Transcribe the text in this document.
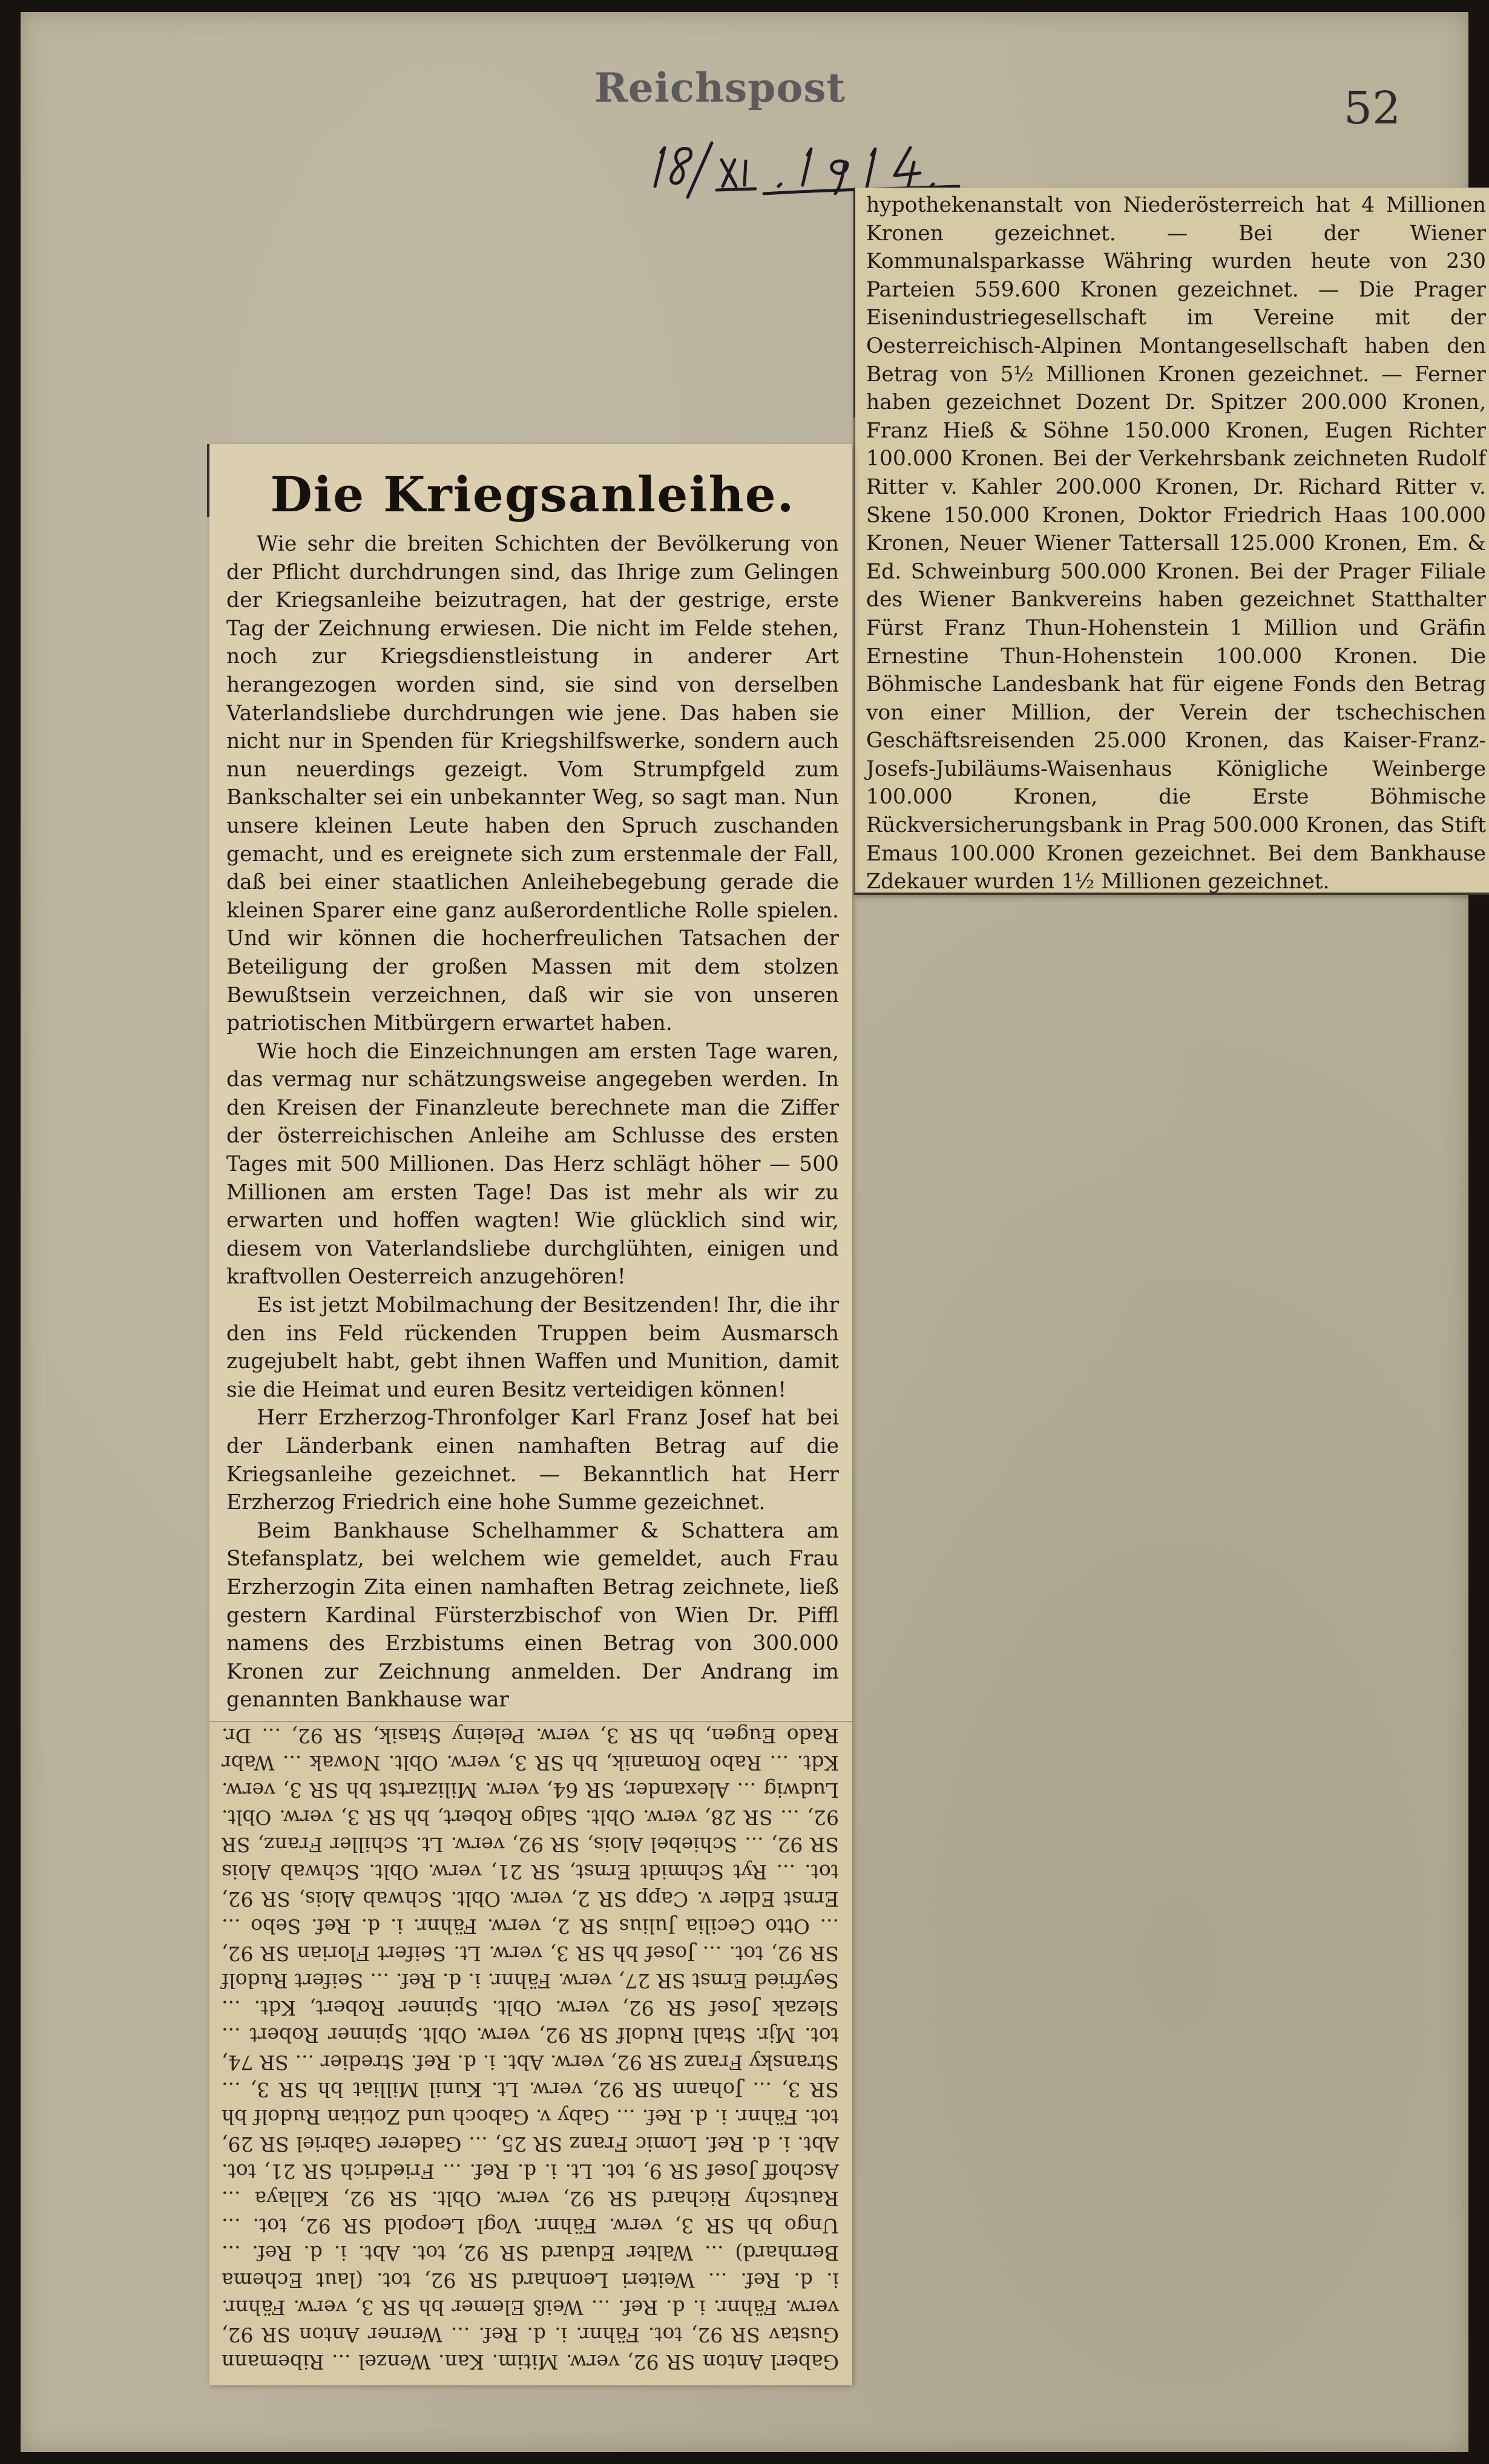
Reichspost	52

hypothekenanstalt von Niederösterreich hat 4 Millionen Kronen gezeichnet. — Bei der Wiener Kommunalsparkasse Währing wurden heute von 230 Parteien 559.600 Kronen gezeichnet. — Die Prager Eisenindustriegesellschaft im Vereine mit der Oesterreichisch-Alpinen Montangesellschaft haben den Betrag von 5½ Millionen Kronen gezeichnet. — Ferner haben gezeichnet Dozent Dr. Spitzer 200.000 Kronen, Franz Hieß & Söhne 150.000 Kronen, Eugen Richter 100.000 Kronen. Bei der Verkehrsbank zeichneten Rudolf Ritter v. Kahler 200.000 Kronen, Dr. Richard Ritter v. Skene 150.000 Kronen, Doktor Friedrich Haas 100.000 Kronen, Neuer Wiener Tattersall 125.000 Kronen, Em. & Ed. Schweinburg 500.000 Kronen. Bei der Prager Filiale des Wiener Bankvereins haben gezeichnet Statthalter Fürst Franz Thun-Hohenstein 1 Million und Gräfin Ernestine Thun-Hohenstein 100.000 Kronen. Die Böhmische Landesbank hat für eigene Fonds den Betrag von einer Million, der Verein der tschechischen Geschäftsreisenden 25.000 Kronen, das Kaiser-Franz-Josefs-Jubiläums-Waisenhaus Königliche Weinberge 100.000 Kronen, die Erste Böhmische Rückversicherungsbank in Prag 500.000 Kronen, das Stift Emaus 100.000 Kronen gezeichnet. Bei dem Bankhause Zdekauer wurden 1½ Millionen gezeichnet.

Die Kriegsanleihe.

Wie sehr die breiten Schichten der Bevölkerung von der Pflicht durchdrungen sind, das Ihrige zum Gelingen der Kriegsanleihe beizutragen, hat der gestrige, erste Tag der Zeichnung erwiesen. Die nicht im Felde stehen, noch zur Kriegsdienstleistung in anderer Art herangezogen worden sind, sie sind von derselben Vaterlandsliebe durchdrungen wie jene. Das haben sie nicht nur in Spenden für Kriegshilfswerke, sondern auch nun neuerdings gezeigt. Vom Strumpfgeld zum Bankschalter sei ein unbekannter Weg, so sagt man. Nun unsere kleinen Leute haben den Spruch zuschanden gemacht, und es ereignete sich zum erstenmale der Fall, daß bei einer staatlichen Anleihebegebung gerade die kleinen Sparer eine ganz außerordentliche Rolle spielen. Und wir können die hocherfreulichen Tatsachen der Beteiligung der großen Massen mit dem stolzen Bewußtsein verzeichnen, daß wir sie von unseren patriotischen Mitbürgern erwartet haben.

Wie hoch die Einzeichnungen am ersten Tage waren, das vermag nur schätzungsweise angegeben werden. In den Kreisen der Finanzleute berechnete man die Ziffer der österreichischen Anleihe am Schlusse des ersten Tages mit 500 Millionen. Das Herz schlägt höher — 500 Millionen am ersten Tage! Das ist mehr als wir zu erwarten und hoffen wagten! Wie glücklich sind wir, diesem von Vaterlandsliebe durchglühten, einigen und kraftvollen Oesterreich anzugehören!

Es ist jetzt Mobilmachung der Besitzenden! Ihr, die ihr den ins Feld rückenden Truppen beim Ausmarsch zugejubelt habt, gebt ihnen Waffen und Munition, damit sie die Heimat und euren Besitz verteidigen können!

Herr Erzherzog-Thronfolger Karl Franz Josef hat bei der Länderbank einen namhaften Betrag auf die Kriegsanleihe gezeichnet. — Bekanntlich hat Herr Erzherzog Friedrich eine hohe Summe gezeichnet.

Beim Bankhause Schelhammer & Schattera am Stefansplatz, bei welchem wie gemeldet, auch Frau Erzherzogin Zita einen namhaften Betrag zeichnete, ließ gestern Kardinal Fürsterzbischof von Wien Dr. Piffl namens des Erzbistums einen Betrag von 300.000 Kronen zur Zeichnung anmelden. Der Andrang im genannten Bankhause war

Gaberl Anton SR 92, verw. Mitim. Kan. Wenzel ... Ribemann Gustav SR 92, tot. Fähnr. i. d. Ref. ... Werner Anton SR 92, verw. Fähnr. i. d. Ref. ... Weiß Elemer bh SR 3, verw. Fähnr. i. d. Ref. ... Weiteri Leonhard SR 92, tot. (laut Echema Bernhard) ... Walter Eduard SR 92, tot. Abt. i. d. Ref. ... Ungo bh SR 3, verw. Fähnr. Vogl Leopold SR 92, tot. ... Rautschy Richard SR 92, verw. Oblt. SR 92, Kallaya ... Aschoff Josef SR 9, tot. Lt. i. d. Ref. ... Friedrich SR 21, tot. Abt. i. d. Ref. Lomic Franz SR 25, ... Gaderer Gabriel SR 29, tot. Fähnr. i. d. Ref. ... Gaby v. Gaboch und Zotitan Rudolf bh SR 3, ... Johann SR 92, verw. Lt. Kunil Milliat bh SR 3, ... Stransky Franz SR 92, verw. Abt. i. d. Ref. Stredier ... SR 74, tot. Mjr. Stahl Rudolf SR 92, verw. Oblt. Spinner Robert ... Slezak Josef SR 92, verw. Oblt. Spinner Robert, Kdt. ... Seyfried Ernst SR 27, verw. Fähnr. i. d. Ref. ... Seifert Rudolf SR 92, tot. ... Josef bh SR 3, verw. Lt. Seifert Florian SR 92, ... Otto Cecilia Julius SR 2, verw. Fähnr. i. d. Ref. Sebo ... Ernst Edler v. Capp SR 2, verw. Oblt. Schwab Alois, SR 92, tot. ... Ryt Schmidt Ernst, SR 21, verw. Oblt. Schwab Alois SR 92, ... Schiebel Alois, SR 92, verw. Lt. Schiller Franz, SR 92, ... SR 28, verw. Oblt. Salgo Robert, bh SR 3, verw. Oblt. Ludwig ... Alexander, SR 64, verw. Milizartst bh SR 3, verw. Kdt. ... Rabo Romanik, bh SR 3, verw. Oblt. Nowak ... Wabr Rado Eugen, bh SR 3, verw. Peleiny Stasik, SR 92, ... Dr.
